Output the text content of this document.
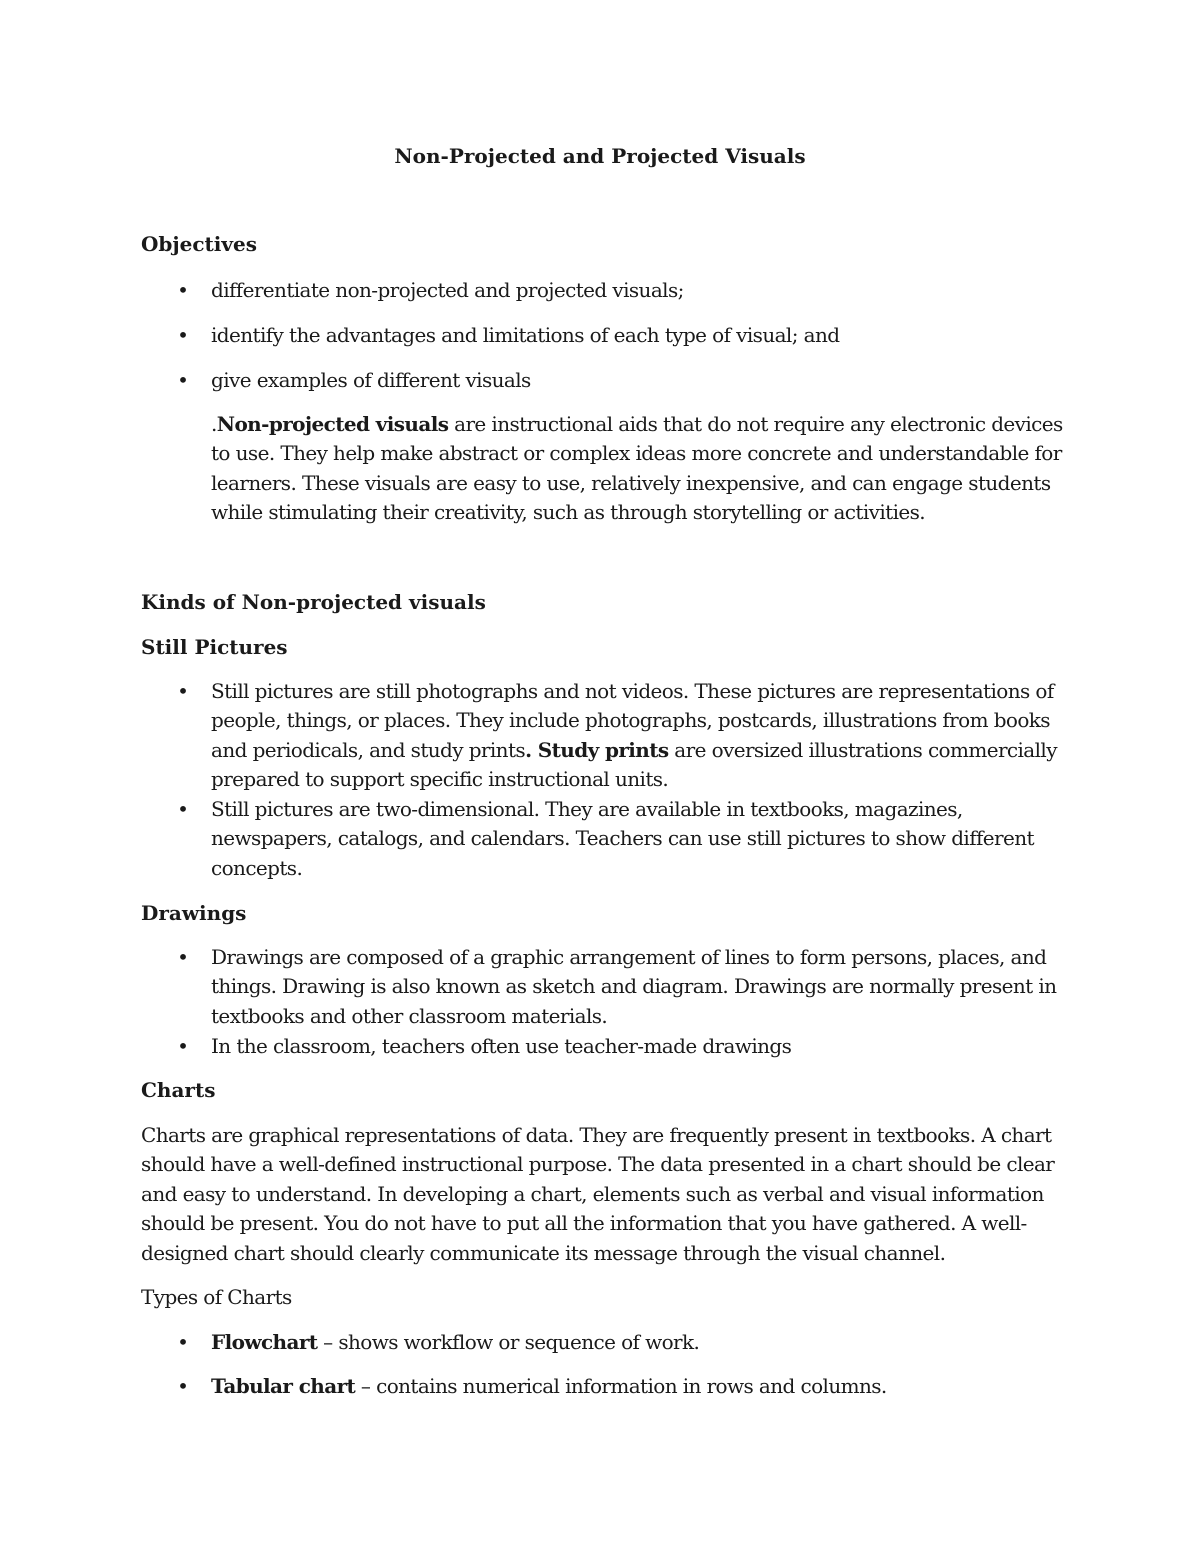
Non-Projected and Projected Visuals
Objectives
• differentiate non-projected and projected visuals;
• identify the advantages and limitations of each type of visual; and
• give examples of different visuals
.Non-projected visuals are instructional aids that do not require any electronic devices to use. They help make abstract or complex ideas more concrete and understandable for learners. These visuals are easy to use, relatively inexpensive, and can engage students while stimulating their creativity, such as through storytelling or activities.
Kinds of Non-projected visuals
Still Pictures
• Still pictures are still photographs and not videos. These pictures are representations of people, things, or places. They include photographs, postcards, illustrations from books and periodicals, and study prints. Study prints are oversized illustrations commercially prepared to support specific instructional units.
• Still pictures are two-dimensional. They are available in textbooks, magazines, newspapers, catalogs, and calendars. Teachers can use still pictures to show different concepts.
Drawings
• Drawings are composed of a graphic arrangement of lines to form persons, places, and things. Drawing is also known as sketch and diagram. Drawings are normally present in textbooks and other classroom materials.
• In the classroom, teachers often use teacher-made drawings
Charts
Charts are graphical representations of data. They are frequently present in textbooks. A chart should have a well-defined instructional purpose. The data presented in a chart should be clear and easy to understand. In developing a chart, elements such as verbal and visual information should be present. You do not have to put all the information that you have gathered. A well-designed chart should clearly communicate its message through the visual channel.
Types of Charts
• Flowchart – shows workflow or sequence of work.
• Tabular chart – contains numerical information in rows and columns.
